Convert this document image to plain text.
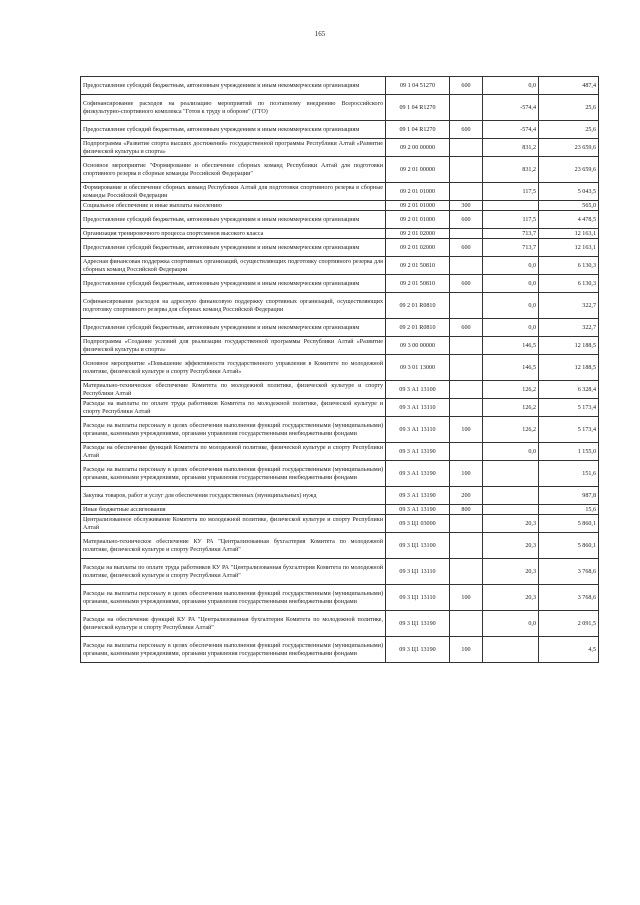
165
Предоставление субсидий бюджетным, автономным учреждениям и иным некоммерческим организациям	09 1 04 51270	600	0,0	487,4
Софинансирование расходов на реализацию мероприятий по поэтапному внедрению Всероссийского физкультурно-спортивного комплекса "Готов к труду и обороне" (ГТО)	09 1 04 R1270		-574,4	25,6
Предоставление субсидий бюджетным, автономным учреждениям и иным некоммерческим организациям	09 1 04 R1270	600	-574,4	25,6
Подпрограмма «Развитие спорта высших достижений» государственной программы Республики Алтай «Развитие физической культуры и спорта»	09 2 00 00000		831,2	23 659,6
Основное мероприятие "Формирование и обеспечение сборных команд Республики Алтай для подготовки спортивного резерва в сборные команды Российской Федерации"	09 2 01 00000		831,2	23 659,6
Формирование и обеспечение сборных команд Республики Алтай для подготовки спортивного резерва в сборные команды Российской Федерации	09 2 01 01000		117,5	5 043,5
Социальное обеспечение и иные выплаты населению	09 2 01 01000	300		565,0
Предоставление субсидий бюджетным, автономным учреждениям и иным некоммерческим организациям	09 2 01 01000	600	117,5	4 478,5
Организация тренировочного процесса спортсменов высокого класса	09 2 01 02000		713,7	12 163,1
Предоставление субсидий бюджетным, автономным учреждениям и иным некоммерческим организациям	09 2 01 02000	600	713,7	12 163,1
Адресная финансовая поддержка спортивных организаций, осуществляющих подготовку спортивного резерва для сборных команд Российской Федерации	09 2 01 50810		0,0	6 130,3
Предоставление субсидий бюджетным, автономным учреждениям и иным некоммерческим организациям	09 2 01 50810	600	0,0	6 130,3
Софинансирование расходов на адресную финансовую поддержку спортивных организаций, осуществляющих подготовку спортивного резерва для сборных команд Российской Федерации	09 2 01 R0810		0,0	322,7
Предоставление субсидий бюджетным, автономным учреждениям и иным некоммерческим организациям	09 2 01 R0810	600	0,0	322,7
Подпрограмма «Создание условий для реализации государственной программы Республики Алтай «Развитие физической культуры и спорта»	09 3 00 00000		146,5	12 188,5
Основное мероприятие «Повышение эффективности государственного управления в Комитете по молодежной политике, физической культуре и спорту Республики Алтай»	09 3 01 13000		146,5	12 188,5
Материально-техническое обеспечение Комитета по молодежной политике, физической культуре и спорту Республики Алтай	09 3 А1 13100		126,2	6 328,4
Расходы на выплаты по оплате труда работников Комитета по молодежной политике, физической культуре и спорту Республики Алтай	09 3 А1 13110		126,2	5 173,4
Расходы на выплаты персоналу в целях обеспечения выполнения функций государственными (муниципальными) органами, казенными учреждениями, органами управления государственными внебюджетными фондами	09 3 А1 13110	100	126,2	5 173,4
Расходы на обеспечение функций Комитета по молодежной политике, физической культуре и спорту Республики Алтай	09 3 А1 13190		0,0	1 155,0
Расходы на выплаты персоналу в целях обеспечения выполнения функций государственными (муниципальными) органами, казенными учреждениями, органами управления государственными внебюджетными фондами	09 3 А1 13190	100		151,6
Закупка товаров, работ и услуг для обеспечения государственных (муниципальных) нужд	09 3 А1 13190	200		987,8
Иные бюджетные ассигнования	09 3 А1 13190	800		15,6
Централизованное обслуживание Комитета по молодежной политике, физической культуре и спорту Республики Алтай	09 3 Ц1 03000		20,3	5 860,1
Материально-техническое обеспечение КУ РА "Централизованная бухгалтерия Комитета по молодежной политике, физической культуре и спорту Республики Алтай"	09 3 Ц1 13100		20,3	5 860,1
Расходы на выплаты по оплате труда работников КУ РА "Централизованная бухгалтерия Комитета по молодежной политике, физической культуре и спорту Республики Алтай"	09 3 Ц1 13110		20,3	3 768,6
Расходы на выплаты персоналу в целях обеспечения выполнения функций государственными (муниципальными) органами, казенными учреждениями, органами управления государственными внебюджетными фондами	09 3 Ц1 13110	100	20,3	3 768,6
Расходы на обеспечение функций КУ РА "Централизованная бухгалтерия Комитета по молодежной политике, физической культуре и спорту Республики Алтай"	09 3 Ц1 13190		0,0	2 091,5
Расходы на выплаты персоналу в целях обеспечения выполнения функций государственными (муниципальными) органами, казенными учреждениями, органами управления государственными внебюджетными фондами	09 3 Ц1 13190	100		4,5
